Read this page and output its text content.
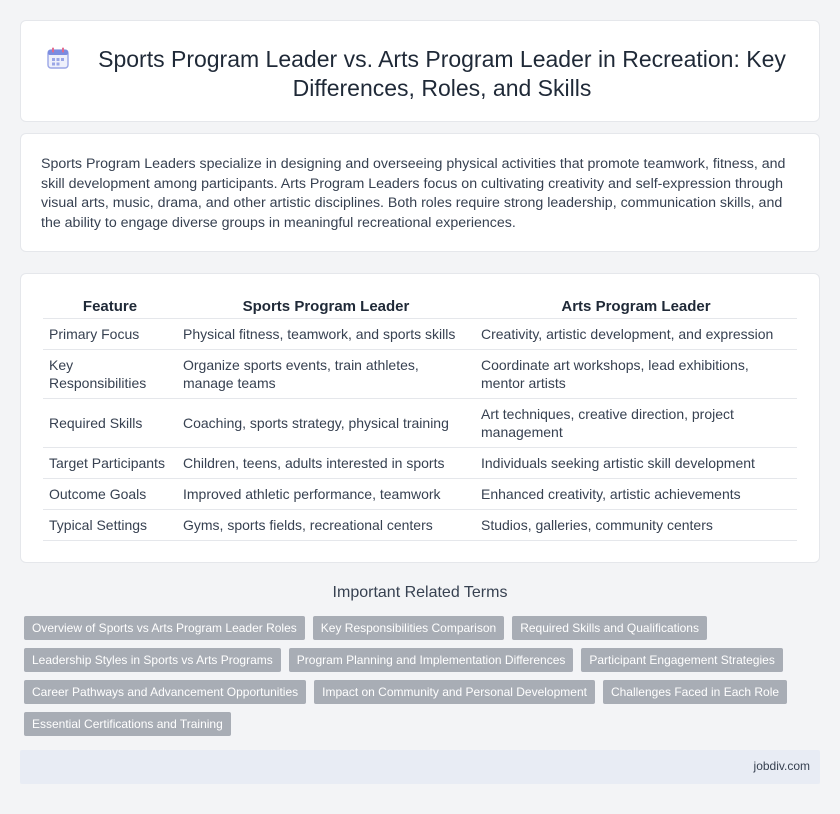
Sports Program Leader vs. Arts Program Leader in Recreation: Key Differences, Roles, and Skills

Sports Program Leaders specialize in designing and overseeing physical activities that promote teamwork, fitness, and skill development among participants. Arts Program Leaders focus on cultivating creativity and self-expression through visual arts, music, drama, and other artistic disciplines. Both roles require strong leadership, communication skills, and the ability to engage diverse groups in meaningful recreational experiences.

Feature	Sports Program Leader	Arts Program Leader
Primary Focus	Physical fitness, teamwork, and sports skills	Creativity, artistic development, and expression
Key Responsibilities	Organize sports events, train athletes, manage teams	Coordinate art workshops, lead exhibitions, mentor artists
Required Skills	Coaching, sports strategy, physical training	Art techniques, creative direction, project management
Target Participants	Children, teens, adults interested in sports	Individuals seeking artistic skill development
Outcome Goals	Improved athletic performance, teamwork	Enhanced creativity, artistic achievements
Typical Settings	Gyms, sports fields, recreational centers	Studios, galleries, community centers
Important Related Terms
Overview of Sports vs Arts Program Leader Roles	Key Responsibilities Comparison	Required Skills and Qualifications
Leadership Styles in Sports vs Arts Programs	Program Planning and Implementation Differences	Participant Engagement Strategies
Career Pathways and Advancement Opportunities	Impact on Community and Personal Development	Challenges Faced in Each Role
Essential Certifications and Training
jobdiv.com
